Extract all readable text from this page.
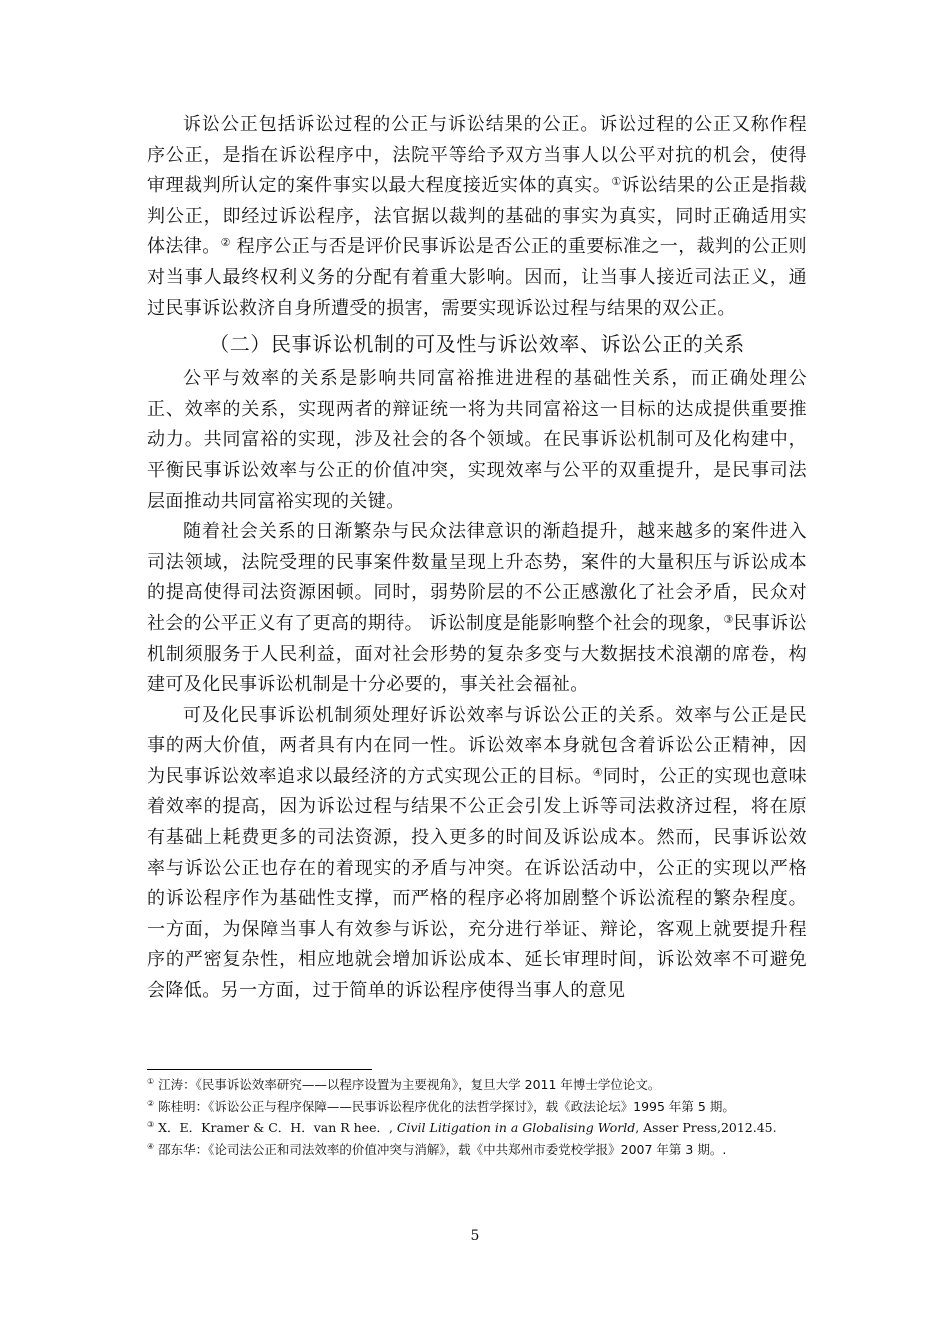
诉讼公正包括诉讼过程的公正与诉讼结果的公正。诉讼过程的公正又称作程序公正，是指在诉讼程序中，法院平等给予双方当事人以公平对抗的机会，使得审理裁判所认定的案件事实以最大程度接近实体的真实。①诉讼结果的公正是指裁判公正，即经过诉讼程序，法官据以裁判的基础的事实为真实，同时正确适用实体法律。② 程序公正与否是评价民事诉讼是否公正的重要标准之一，裁判的公正则对当事人最终权利义务的分配有着重大影响。因而，让当事人接近司法正义，通过民事诉讼救济自身所遭受的损害，需要实现诉讼过程与结果的双公正。

（二）民事诉讼机制的可及性与诉讼效率、诉讼公正的关系

公平与效率的关系是影响共同富裕推进进程的基础性关系，而正确处理公正、效率的关系，实现两者的辩证统一将为共同富裕这一目标的达成提供重要推动力。共同富裕的实现，涉及社会的各个领域。在民事诉讼机制可及化构建中，平衡民事诉讼效率与公正的价值冲突，实现效率与公平的双重提升，是民事司法层面推动共同富裕实现的关键。

随着社会关系的日渐繁杂与民众法律意识的渐趋提升，越来越多的案件进入司法领域，法院受理的民事案件数量呈现上升态势，案件的大量积压与诉讼成本的提高使得司法资源困顿。同时，弱势阶层的不公正感激化了社会矛盾，民众对社会的公平正义有了更高的期待。 诉讼制度是能影响整个社会的现象，③民事诉讼机制须服务于人民利益，面对社会形势的复杂多变与大数据技术浪潮的席卷，构建可及化民事诉讼机制是十分必要的，事关社会福祉。

可及化民事诉讼机制须处理好诉讼效率与诉讼公正的关系。效率与公正是民事的两大价值，两者具有内在同一性。诉讼效率本身就包含着诉讼公正精神，因为民事诉讼效率追求以最经济的方式实现公正的目标。④同时，公正的实现也意味着效率的提高，因为诉讼过程与结果不公正会引发上诉等司法救济过程，将在原有基础上耗费更多的司法资源，投入更多的时间及诉讼成本。然而，民事诉讼效率与诉讼公正也存在的着现实的矛盾与冲突。在诉讼活动中，公正的实现以严格的诉讼程序作为基础性支撑，而严格的程序必将加剧整个诉讼流程的繁杂程度。一方面，为保障当事人有效参与诉讼，充分进行举证、辩论，客观上就要提升程序的严密复杂性，相应地就会增加诉讼成本、延长审理时间，诉讼效率不可避免会降低。另一方面，过于简单的诉讼程序使得当事人的意见

① 江涛：《民事诉讼效率研究——以程序设置为主要视角》，复旦大学 2011 年博士学位论文。
② 陈桂明：《诉讼公正与程序保障——民事诉讼程序优化的法哲学探讨》，载《政法论坛》1995 年第 5 期。
③ X．E．Kramer & C．H．van R hee．, Civil Litigation in a Globalising World, Asser Press,2012.45.
④ 邵东华：《论司法公正和司法效率的价值冲突与消解》，载《中共郑州市委党校学报》2007 年第 3 期。.
5
